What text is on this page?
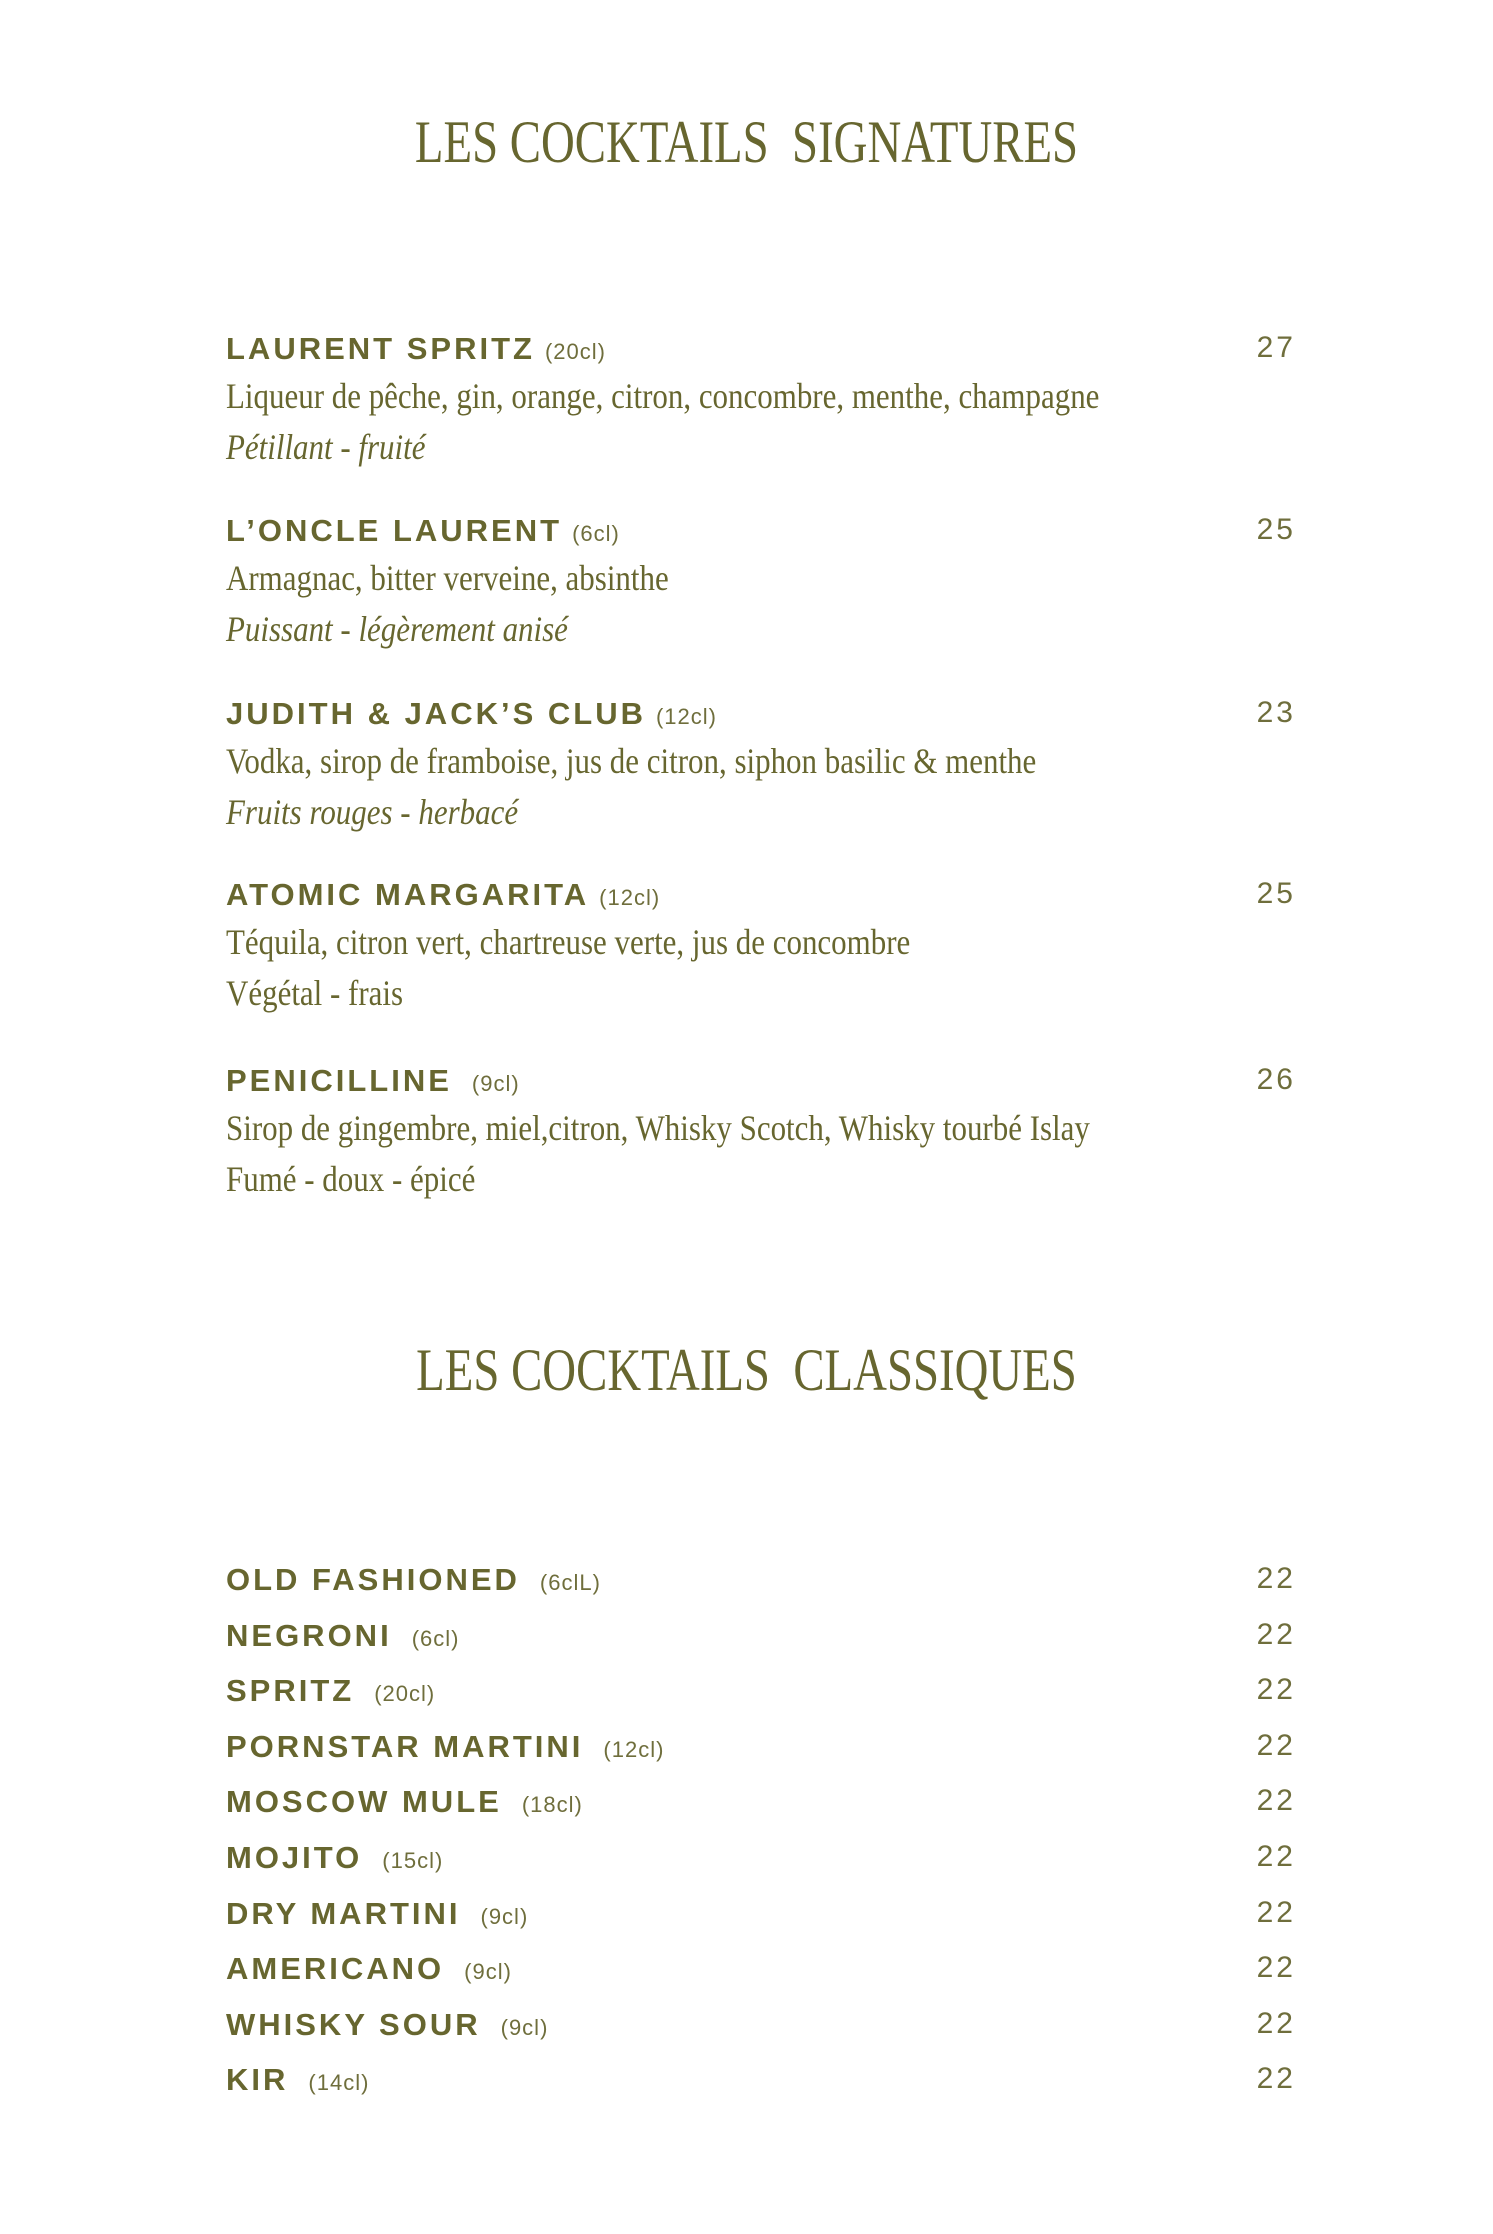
LES COCKTAILS  SIGNATURES
LAURENT SPRITZ (20cl)	27
Liqueur de pêche, gin, orange, citron, concombre, menthe, champagne
Pétillant - fruité
L’ONCLE LAURENT (6cl)	25
Armagnac, bitter verveine, absinthe
Puissant - légèrement anisé
JUDITH & JACK’S CLUB (12cl)	23
Vodka, sirop de framboise, jus de citron, siphon basilic & menthe
Fruits rouges - herbacé
ATOMIC MARGARITA (12cl)	25
Téquila, citron vert, chartreuse verte, jus de concombre
Végétal - frais
PENICILLINE (9cl)	26
Sirop de gingembre, miel,citron, Whisky Scotch, Whisky tourbé Islay
Fumé - doux - épicé
LES COCKTAILS  CLASSIQUES
OLD FASHIONED (6clL)	22
NEGRONI (6cl)	22
SPRITZ (20cl)	22
PORNSTAR MARTINI (12cl)	22
MOSCOW MULE (18cl)	22
MOJITO (15cl)	22
DRY MARTINI (9cl)	22
AMERICANO (9cl)	22
WHISKY SOUR (9cl)	22
KIR (14cl)	22
